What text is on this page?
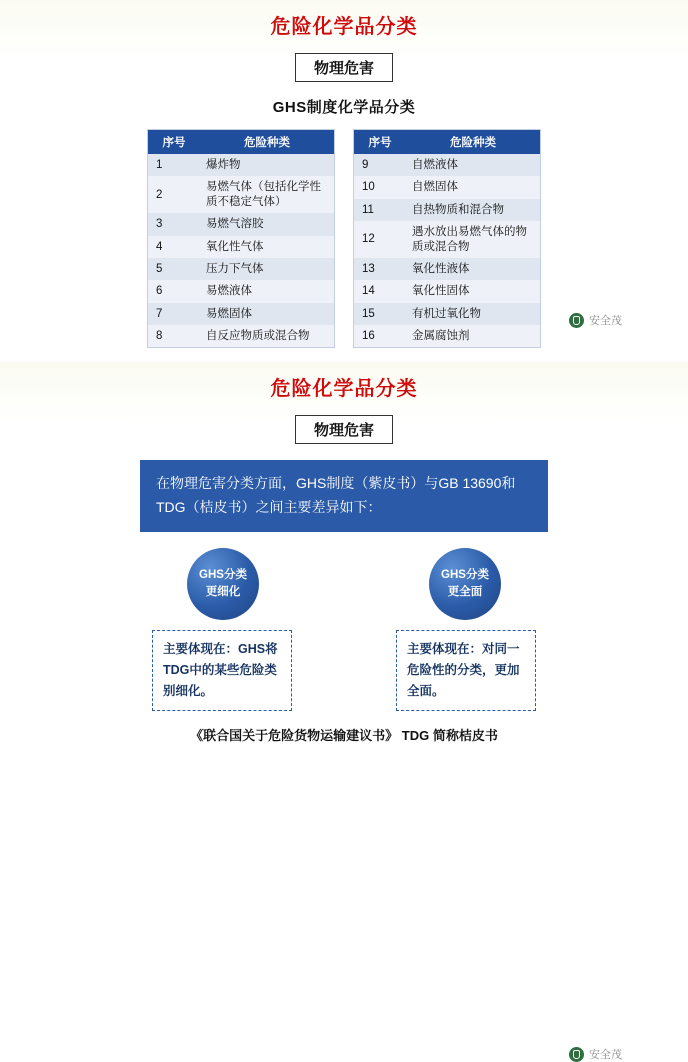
危险化学品分类
物理危害
GHS制度化学品分类
序号	危险种类
1	爆炸物
2	易燃气体（包括化学性质不稳定气体）
3	易燃气溶胶
4	氧化性气体
5	压力下气体
6	易燃液体
7	易燃固体
8	自反应物质或混合物
序号	危险种类
9	自燃液体
10	自燃固体
11	自热物质和混合物
12	遇水放出易燃气体的物质或混合物
13	氧化性液体
14	氧化性固体
15	有机过氧化物
16	金属腐蚀剂
安全茂
危险化学品分类
物理危害
在物理危害分类方面，GHS制度（紫皮书）与GB 13690和TDG（桔皮书）之间主要差异如下：
GHS分类更细化
GHS分类更全面
主要体现在：GHS将TDG中的某些危险类别细化。
主要体现在：对同一危险性的分类，更加全面。
《联合国关于危险货物运输建议书》 TDG 简称桔皮书
安全茂
